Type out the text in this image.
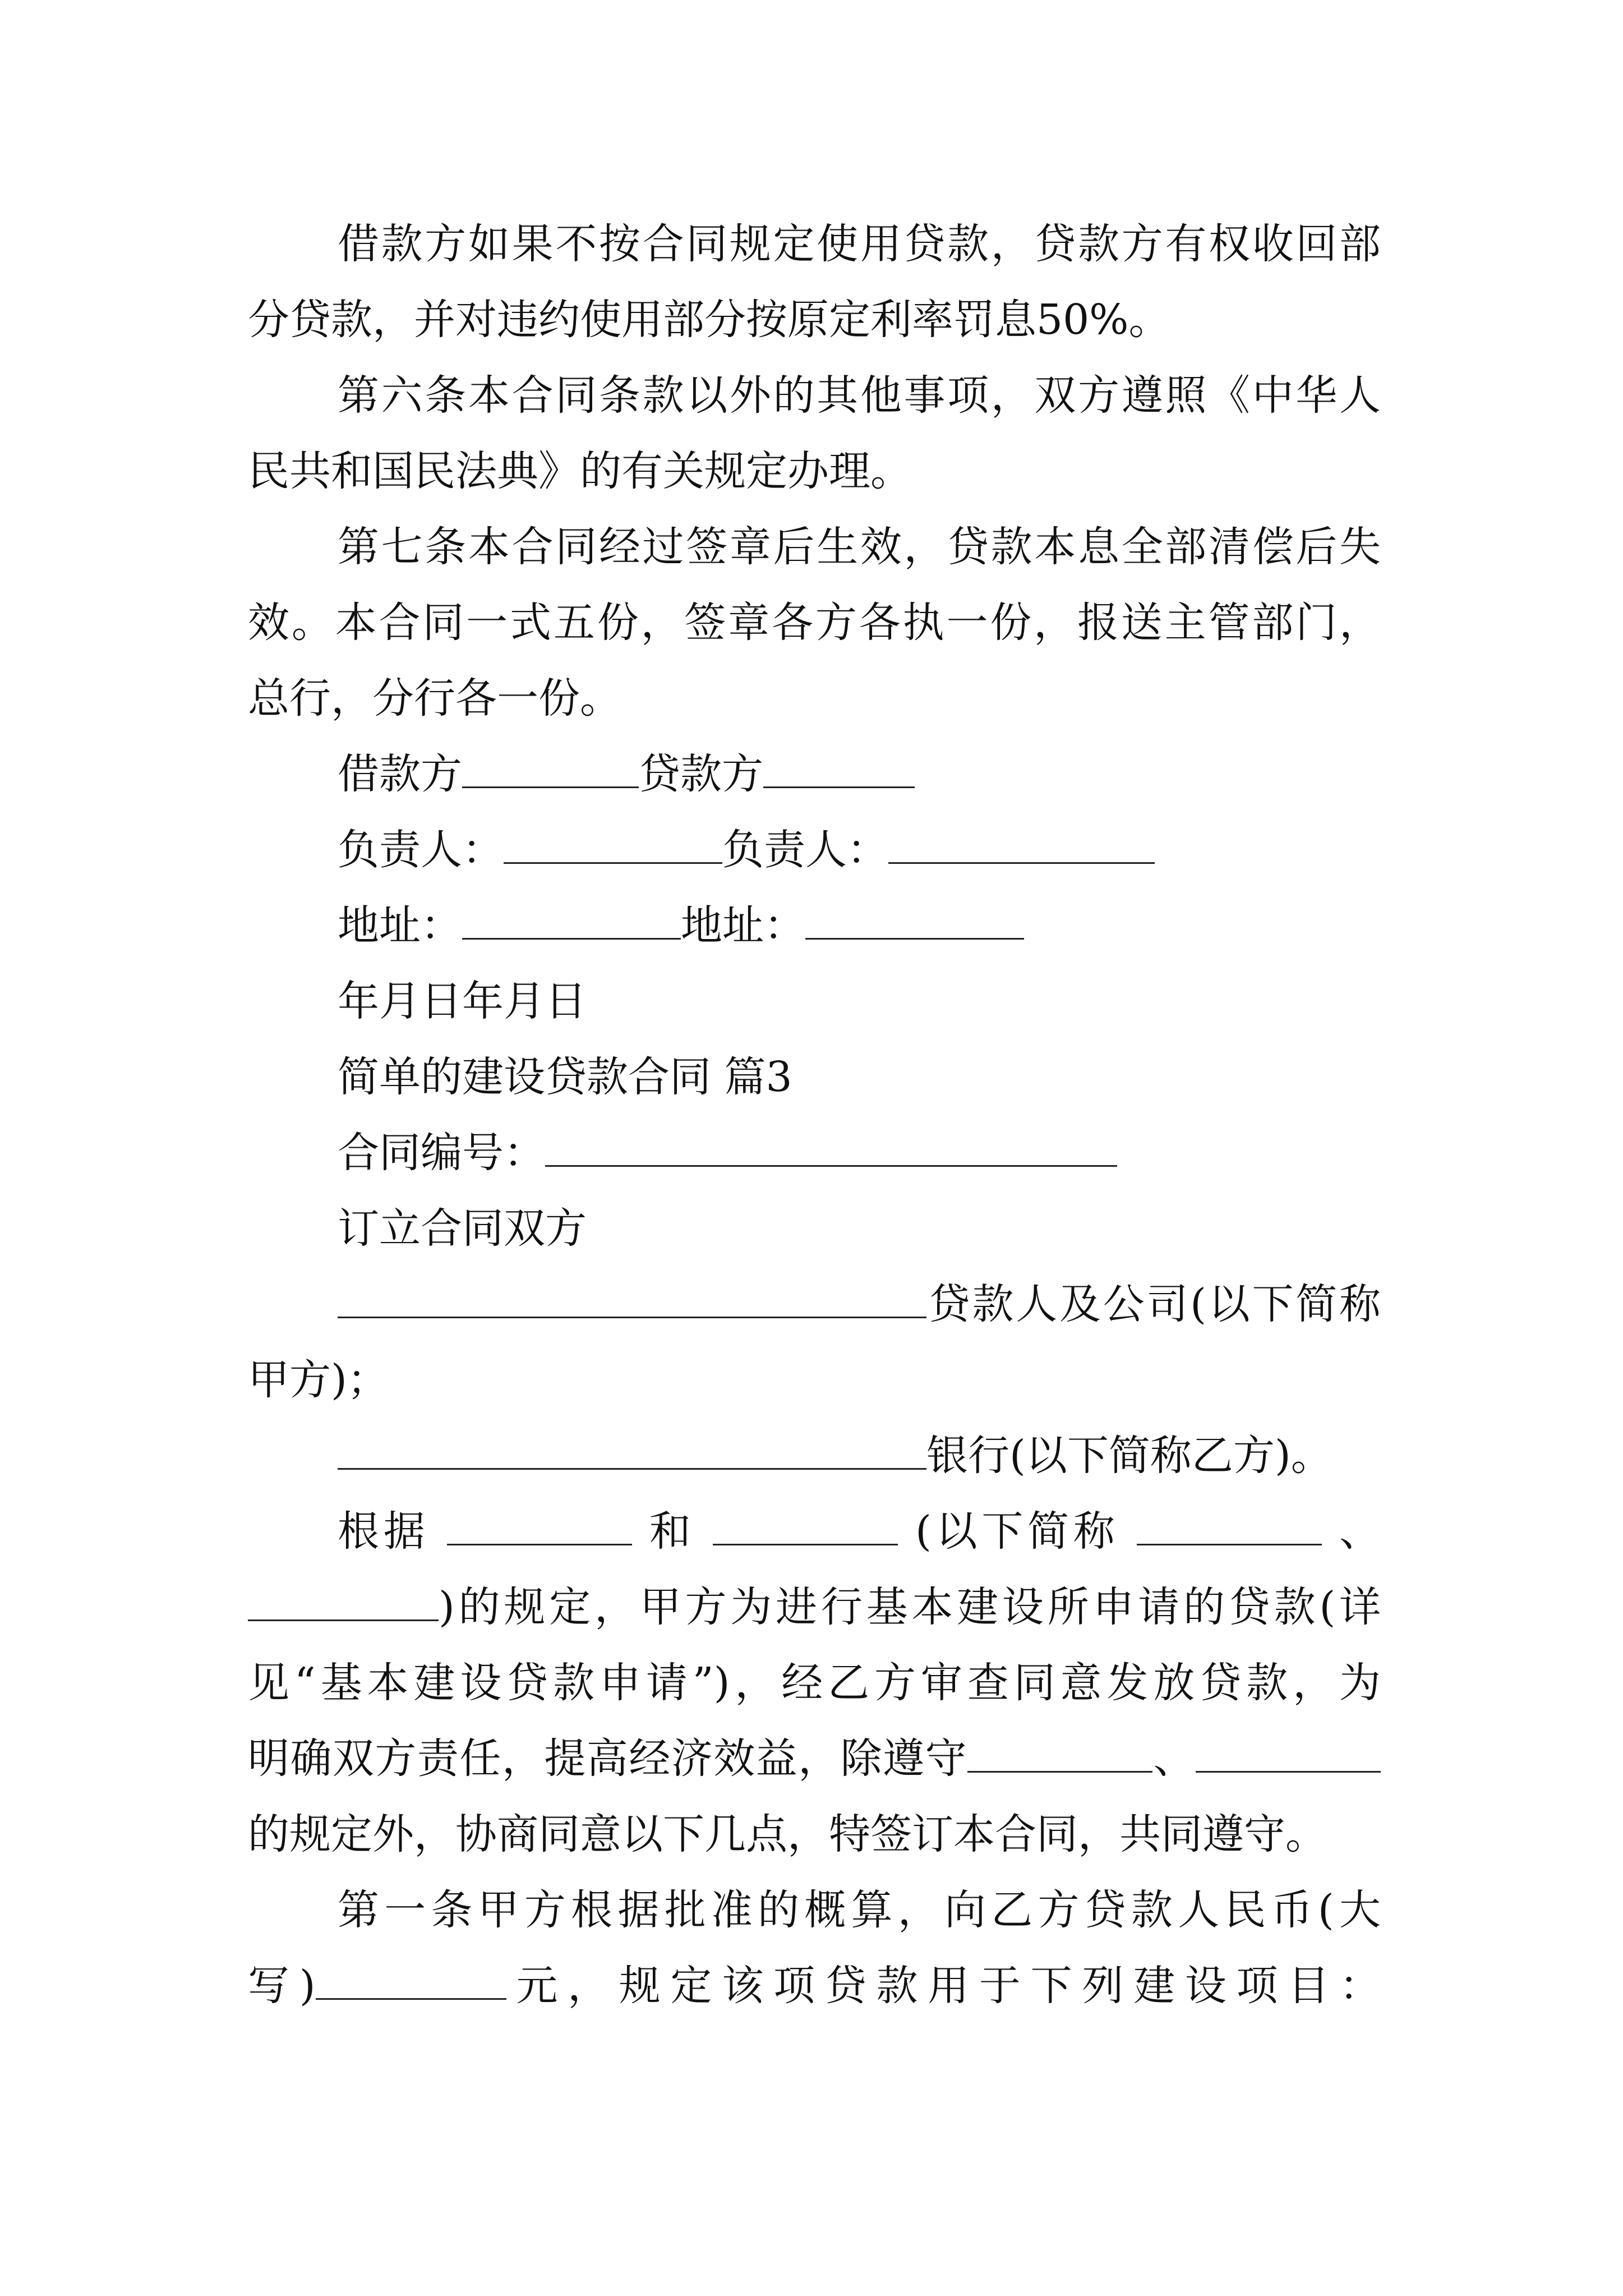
借款方如果不按合同规定使用贷款，贷款方有权收回部
分贷款，并对违约使用部分按原定利率罚息50%。
第六条本合同条款以外的其他事项，双方遵照《中华人
民共和国民法典》的有关规定办理。
第七条本合同经过签章后生效，贷款本息全部清偿后失
效。本合同一式五份，签章各方各执一份，报送主管部门，
总行，分行各一份。
借款方	贷款方
负责人：	负责人：
地址：	地址：
年月日年月日
简单的建设贷款合同 篇3
合同编号：
订立合同双方
贷款人及公司(以下简称
甲方)；
银行(以下简称乙方)。
根据	和	(以下简称	、
)的规定，甲方为进行基本建设所申请的贷款(详
见“基本建设贷款申请”)，经乙方审查同意发放贷款，为
明确双方责任，提高经济效益，除遵守	、
的规定外，协商同意以下几点，特签订本合同，共同遵守。
第一条甲方根据批准的概算，向乙方贷款人民币(大
写)	元，规定该项贷款用于下列建设项目：
